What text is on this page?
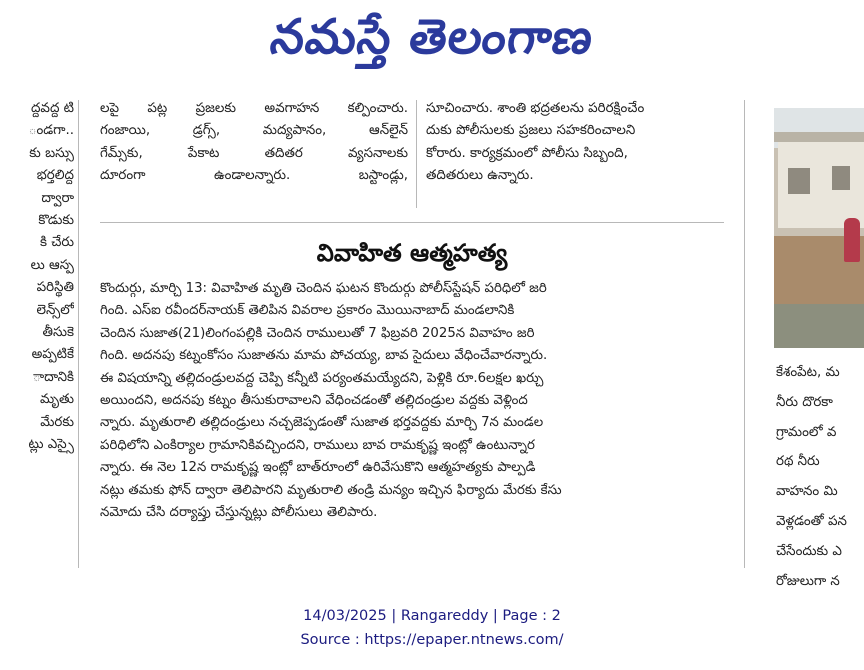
నమస్తే తెలంగాణ

ద్దవద్ద టి

ండగా..

కు బస్సు

భర్తలిద్ద

ద్వారా

కొడుకు

కి చేరు

లు ఆస్ప

పరిస్థితి

లెన్స్‌లో

తీసుకె

అప్పటికే

ాదానికి

మృతు

మేరకు

ట్లు ఎస్సై

లపై పట్ల ప్రజలకు అవగాహన కల్పించారు.

గంజాయి, డ్రగ్స్, మద్యపానం, ఆన్‌లైన్

గేమ్స్‌కు, పేకాట తదితర వ్యసనాలకు

దూరంగా ఉండాలన్నారు. బస్టాండ్లు,

సూచించారు. శాంతి భద్రతలను పరిరక్షించేం

దుకు పోలీసులకు ప్రజలు సహకరించాలని

కోరారు. కార్యక్రమంలో పోలీసు సిబ్బంది,

తదితరులు ఉన్నారు.

వివాహిత ఆత్మహత్య

కొందుర్గు, మార్చి 13: వివాహిత మృతి చెందిన ఘటన కొందుర్గు పోలీస్‌స్టేషన్ పరిధిలో జరి

గింది. ఎస్ఐ రవీందర్‌నాయక్ తెలిపిన వివరాల ప్రకారం మొయినాబాద్ మండలానికి

చెందిన సుజాత(21)లింగంపల్లికి చెందిన రాములుతో 7 ఫిబ్రవరి 2025న వివాహం జరి

గింది. అదనపు కట్నంకోసం సుజాతను మామ పోచయ్య, బావ సైదులు వేధించేవారన్నారు.

ఈ విషయాన్ని తల్లిదండ్రులవద్ద చెప్పి కన్నీటి పర్యంతమయ్యేదని, పెళ్లికి రూ.6లక్షల ఖర్చు

అయిందని, అదనపు కట్నం తీసుకురావాలని వేధించడంతో తల్లిదండ్రుల వద్దకు వెళ్లింద

న్నారు. మృతురాలి తల్లిదండ్రులు నచ్చజెప్పడంతో సుజాత భర్తవద్దకు మార్చి 7న మండల

పరిధిలోని ఎంకిర్యాల గ్రామానికివచ్చిందని, రాములు బావ రామకృష్ణ ఇంట్లో ఉంటున్నార

న్నారు. ఈ నెల 12న రామకృష్ణ ఇంట్లో బాత్‌రూంలో ఉరివేసుకొని ఆత్మహత్యకు పాల్పడి

నట్లు తమకు ఫోన్ ద్వారా తెలిపారని మృతురాలి తండ్రి మన్యం ఇచ్చిన ఫిర్యాదు మేరకు కేసు

నమోదు చేసి దర్యాప్తు చేస్తున్నట్లు పోలీసులు తెలిపారు.

కేశంపేట, మ

నీరు దొరకా

గ్రామంలో వ

రథ నీరు

వాహనం మి

వెళ్లడంతో పన

చేసేందుకు ఎ

రోజులుగా న

14/03/2025 | Rangareddy | Page : 2
Source : https://epaper.ntnews.com/
